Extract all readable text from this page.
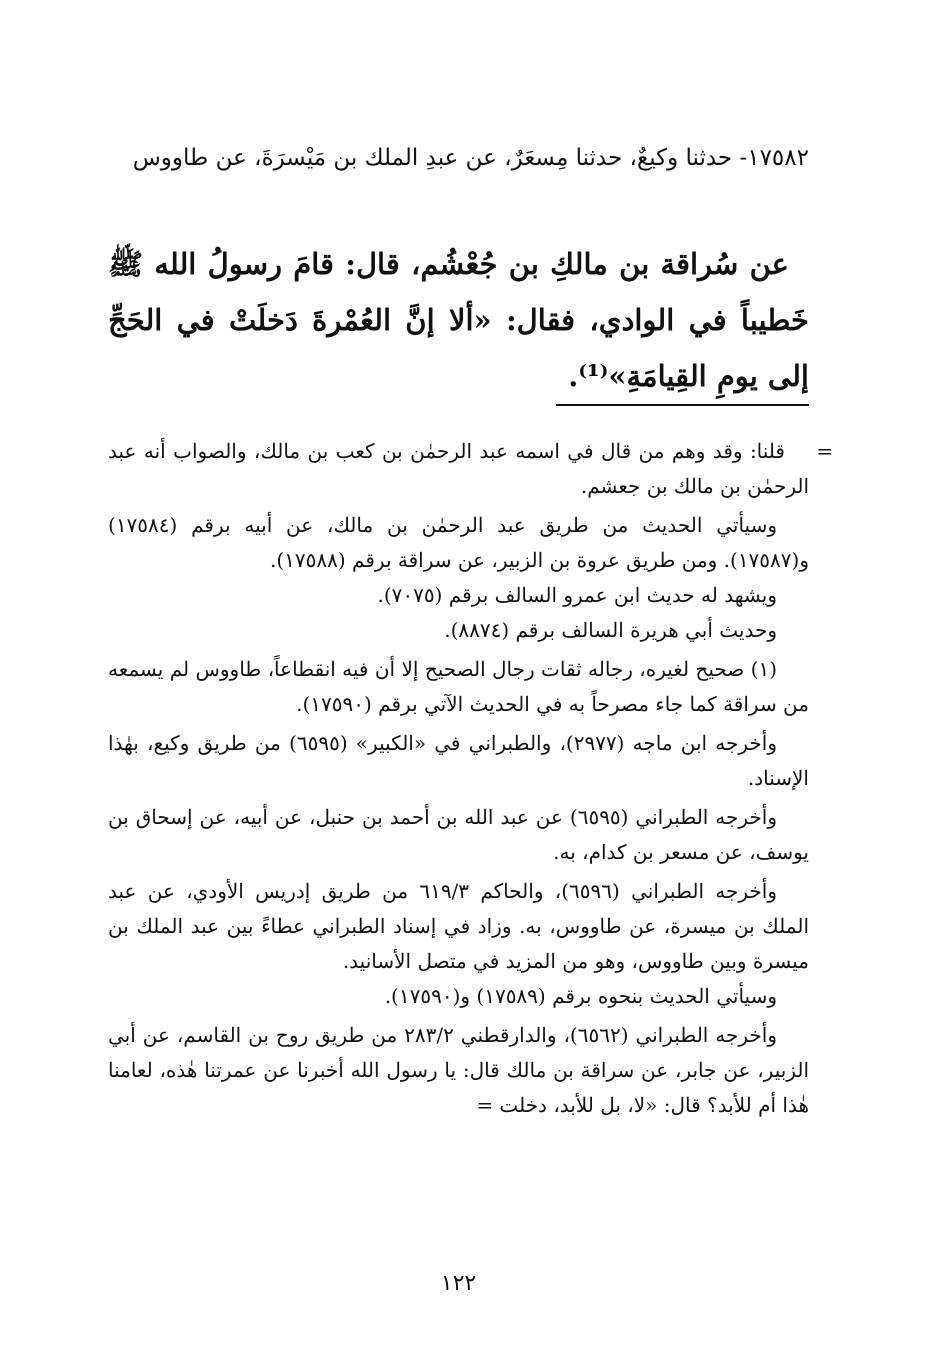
١٧٥٨٢- حدثنا وكيعٌ، حدثنا مِسعَرٌ، عن عبدِ الملك بن مَيْسرَةَ، عن طاووس
عن سُراقة بن مالكِ بن جُعْشُم، قال: قامَ رسولُ الله ﷺ خَطيباً في الوادي، فقال: «ألا إنَّ العُمْرةَ دَخلَتْ في الحَجِّ إلى يومِ القِيامَةِ»⁽¹⁾.
=

قلنا: وقد وهم من قال في اسمه عبد الرحمٰن بن كعب بن مالك، والصواب أنه عبد الرحمٰن بن مالك بن جعشم.

وسيأتي الحديث من طريق عبد الرحمٰن بن مالك، عن أبيه برقم (١٧٥٨٤) و(١٧٥٨٧). ومن طريق عروة بن الزبير، عن سراقة برقم (١٧٥٨٨).

ويشهد له حديث ابن عمرو السالف برقم (٧٠٧٥).

وحديث أبي هريرة السالف برقم (٨٨٧٤).

(١) صحيح لغيره، رجاله ثقات رجال الصحيح إلا أن فيه انقطاعاً، طاووس لم يسمعه من سراقة كما جاء مصرحاً به في الحديث الآتي برقم (١٧٥٩٠).

وأخرجه ابن ماجه (٢٩٧٧)، والطبراني في «الكبير» (٦٥٩٥) من طريق وكيع، بهٰذا الإسناد.

وأخرجه الطبراني (٦٥٩٥) عن عبد الله بن أحمد بن حنبل، عن أبيه، عن إسحاق بن يوسف، عن مسعر بن كدام، به.

وأخرجه الطبراني (٦٥٩٦)، والحاكم ٦١٩/٣ من طريق إدريس الأودي، عن عبد الملك بن ميسرة، عن طاووس، به. وزاد في إسناد الطبراني عطاءً بين عبد الملك بن ميسرة وبين طاووس، وهو من المزيد في متصل الأسانيد.

وسيأتي الحديث بنحوه برقم (١٧٥٨٩) و(١٧٥٩٠).

وأخرجه الطبراني (٦٥٦٢)، والدارقطني ٢٨٣/٢ من طريق روح بن القاسم، عن أبي الزبير، عن جابر، عن سراقة بن مالك قال: يا رسول الله أخبرنا عن عمرتنا هٰذه، لعامنا هٰذا أم للأبد؟ قال: «لا، بل للأبد، دخلت =

١٢٢
